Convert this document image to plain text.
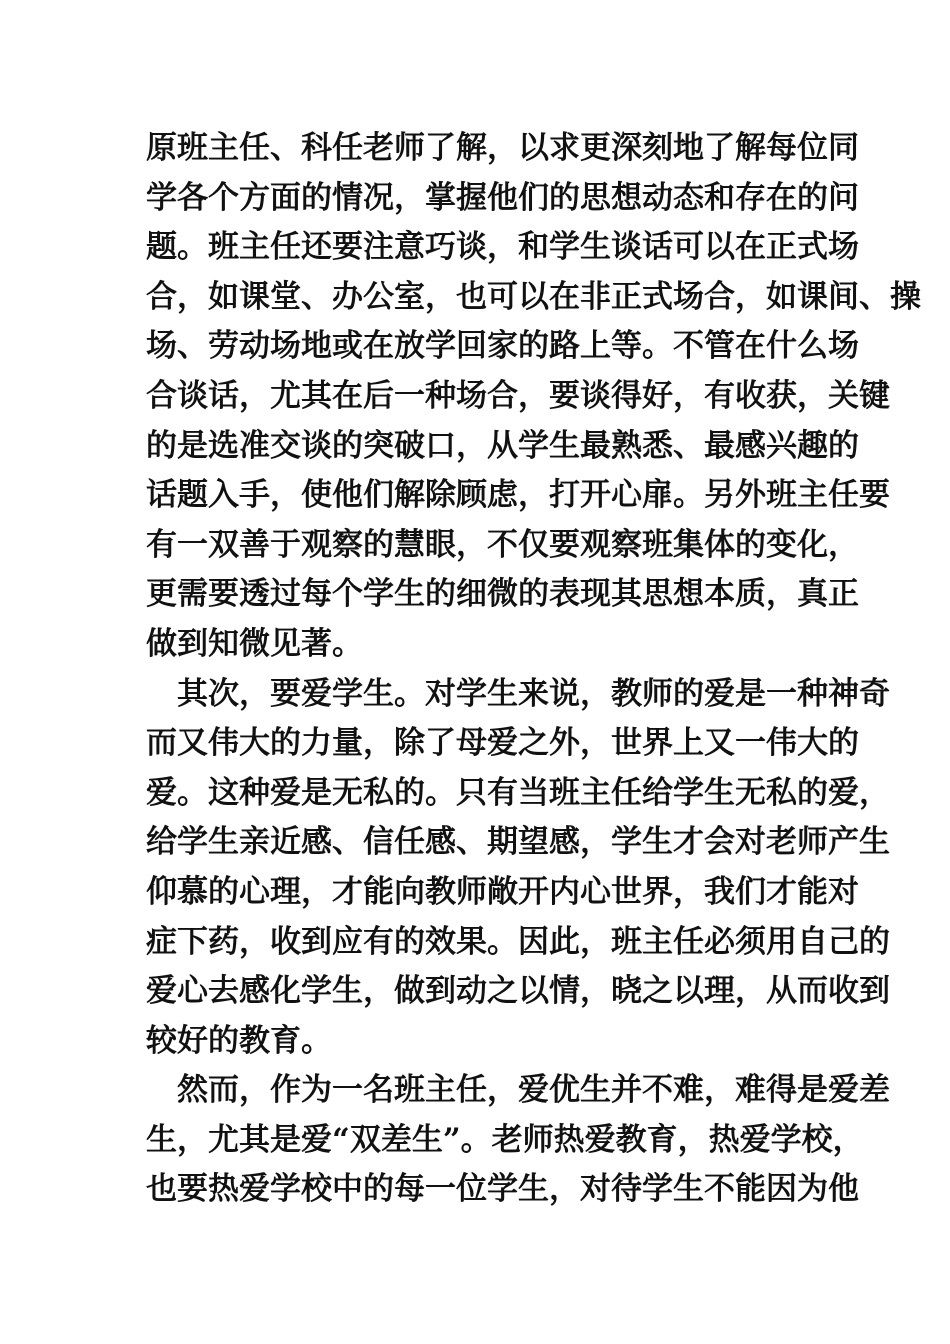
原班主任、科任老师了解，以求更深刻地了解每位同
学各个方面的情况，掌握他们的思想动态和存在的问
题。班主任还要注意巧谈，和学生谈话可以在正式场
合，如课堂、办公室，也可以在非正式场合，如课间、操
场、劳动场地或在放学回家的路上等。不管在什么场
合谈话，尤其在后一种场合，要谈得好，有收获，关键
的是选准交谈的突破口，从学生最熟悉、最感兴趣的
话题入手，使他们解除顾虑，打开心扉。另外班主任要
有一双善于观察的慧眼，不仅要观察班集体的变化，
更需要透过每个学生的细微的表现其思想本质，真正
做到知微见著。
其次，要爱学生。对学生来说，教师的爱是一种神奇
而又伟大的力量，除了母爱之外，世界上又一伟大的
爱。这种爱是无私的。只有当班主任给学生无私的爱，
给学生亲近感、信任感、期望感，学生才会对老师产生
仰慕的心理，才能向教师敞开内心世界，我们才能对
症下药，收到应有的效果。因此，班主任必须用自己的
爱心去感化学生，做到动之以情，晓之以理，从而收到
较好的教育。
然而，作为一名班主任，爱优生并不难，难得是爱差
生，尤其是爱“双差生”。老师热爱教育，热爱学校，
也要热爱学校中的每一位学生，对待学生不能因为他
